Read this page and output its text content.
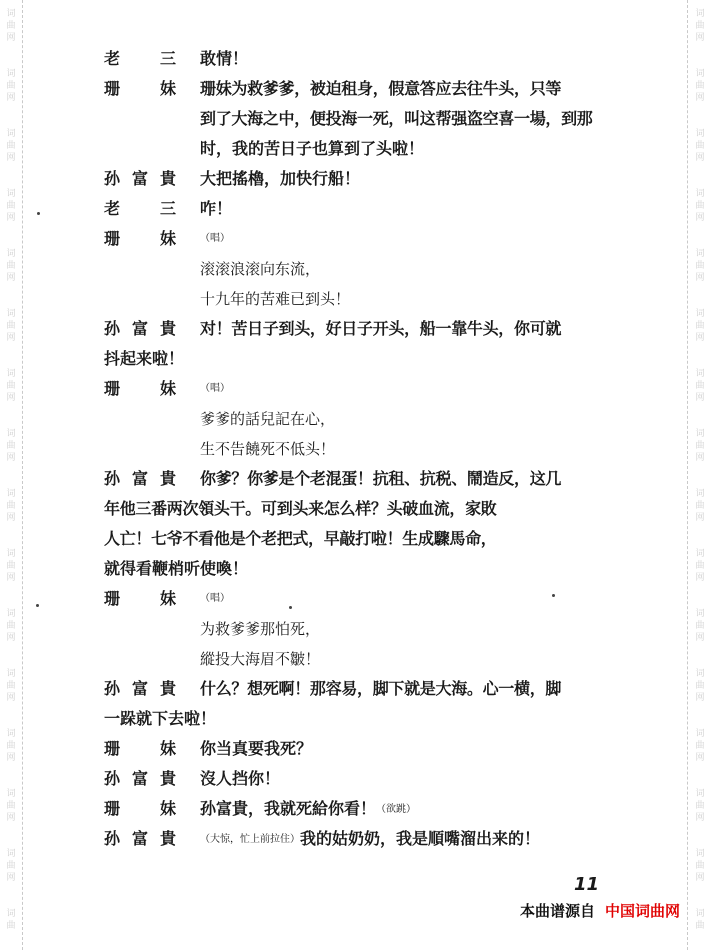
词
曲
网
词
曲
网
词
曲
网
词
曲
网
词
曲
网
词
曲
网
词
曲
网
词
曲
网
词
曲
网
词
曲
网
词
曲
网
词
曲
网
词
曲
网
词
曲
网
词
曲
网
词
曲
词
曲
网
词
曲
网
词
曲
网
词
曲
网
词
曲
网
词
曲
网
词
曲
网
词
曲
网
词
曲
网
词
曲
网
词
曲
网
词
曲
网
词
曲
网
词
曲
网
词
曲
网
词
曲
老 三 敢情！
珊 妹 珊妹为救爹爹，被迫租身，假意答应去往牛头，只等
到了大海之中，便投海一死，叫这帮强盗空喜一場，到那
时，我的苦日子也算到了头啦！
孙 富 貴 大把搖櫓，加快行船！
老 三 咋！
珊 妹 （唱）
滚滚浪滚向东流，
十九年的苦难已到头！
孙 富 貴 对！苦日子到头，好日子开头，船一靠牛头，你可就
抖起来啦！
珊 妹 （唱）
爹爹的話兒記在心，
生不告饒死不低头！
孙 富 貴 你爹？你爹是个老混蛋！抗租、抗税、鬧造反，这几
年他三番两次領头干。可到头来怎么样？头破血流，家敗
人亡！七爷不看他是个老把式，早敲打啦！生成驟馬命，
就得看鞭梢听使喚！
珊 妹 （唱）
为救爹爹那怕死，
縱投大海眉不皺！
孙 富 貴 什么？想死啊！那容易，脚下就是大海。心一横，脚
一跺就下去啦！
珊 妹 你当真要我死？
孙 富 貴 沒人挡你！
珊 妹 孙富貴，我就死給你看！（欲跳）
孙 富 貴 （大惊，忙上前拉住）我的姑奶奶，我是順嘴溜出来的！
11
本曲谱源自 中国词曲网
